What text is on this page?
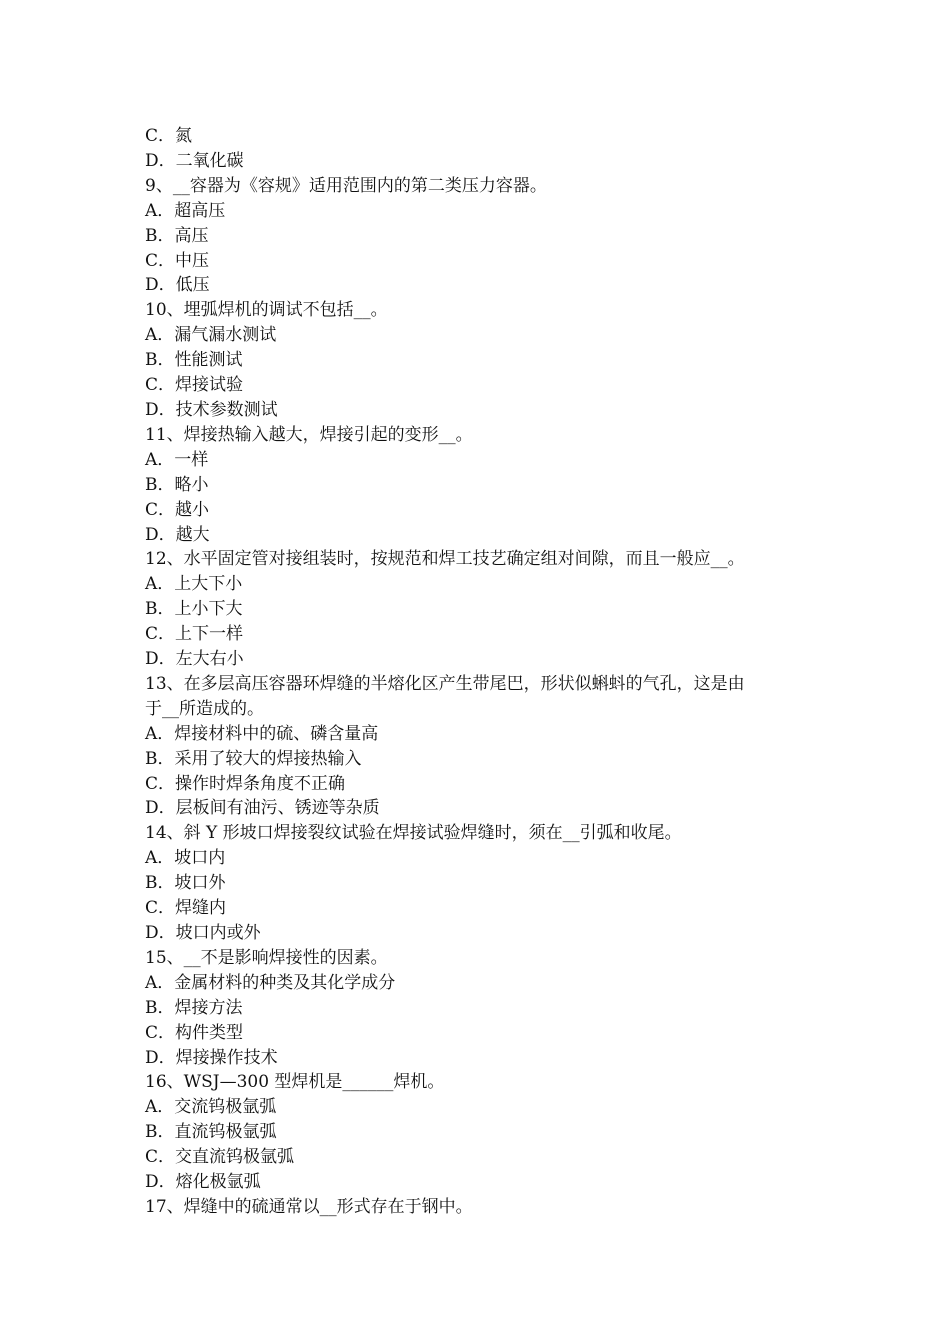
C．氮

D．二氧化碳

9、__容器为《容规》适用范围内的第二类压力容器。

A．超高压

B．高压

C．中压

D．低压

10、埋弧焊机的调试不包括__。

A．漏气漏水测试

B．性能测试

C．焊接试验

D．技术参数测试

11、焊接热输入越大，焊接引起的变形__。

A．一样

B．略小

C．越小

D．越大

12、水平固定管对接组装时，按规范和焊工技艺确定组对间隙，而且一般应__。

A．上大下小

B．上小下大

C．上下一样

D．左大右小

13、在多层高压容器环焊缝的半熔化区产生带尾巴，形状似蝌蚪的气孔，这是由

于__所造成的。

A．焊接材料中的硫、磷含量高

B．采用了较大的焊接热输入

C．操作时焊条角度不正确

D．层板间有油污、锈迹等杂质

14、斜 Y 形坡口焊接裂纹试验在焊接试验焊缝时，须在__引弧和收尾。

A．坡口内

B．坡口外

C．焊缝内

D．坡口内或外

15、__不是影响焊接性的因素。

A．金属材料的种类及其化学成分

B．焊接方法

C．构件类型

D．焊接操作技术

16、WSJ—300 型焊机是______焊机。

A．交流钨极氩弧

B．直流钨极氩弧

C．交直流钨极氩弧

D．熔化极氩弧

17、焊缝中的硫通常以__形式存在于钢中。
